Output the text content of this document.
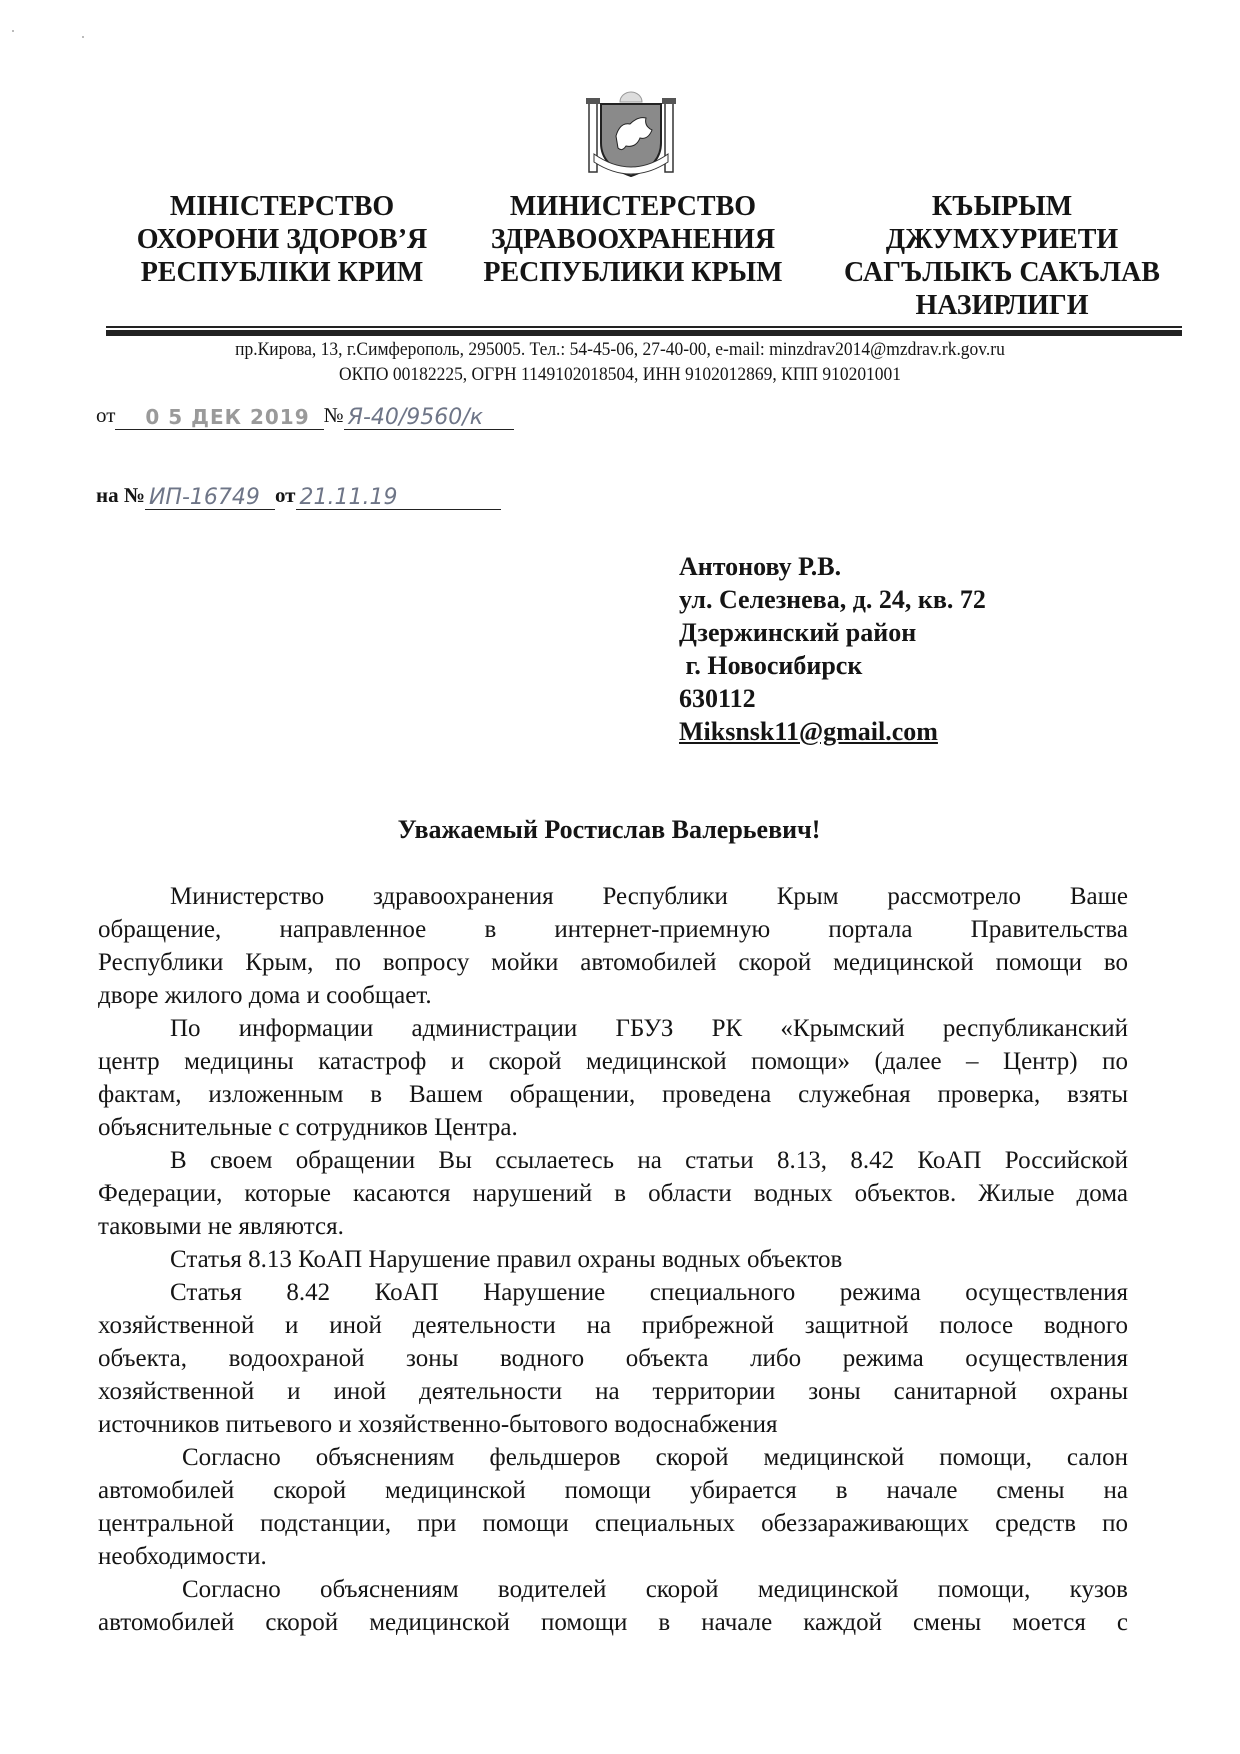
МІНІСТЕРСТВО
ОХОРОНИ ЗДОРОВ’Я
РЕСПУБЛІКИ КРИМ
МИНИСТЕРСТВО
ЗДРАВООХРАНЕНИЯ
РЕСПУБЛИКИ КРЫМ
КЪЫРЫМ
ДЖУМХУРИЕТИ
САГЪЛЫКЪ САКЪЛАВ
НАЗИРЛИГИ
пр.Кирова, 13, г.Симферополь, 295005. Тел.: 54-45-06, 27-40-00, e-mail: minzdrav2014@mzdrav.rk.gov.ru
ОКПО 00182225, ОГРН 1149102018504, ИНН 9102012869, КПП 910201001
от 0 5 ДЕК 2019 № Я-40/9560/к
на № ИП-16749 от 21.11.19
Антонову Р.В.
ул. Селезнева, д. 24, кв. 72
Дзержинский район
г. Новосибирск
630112
Miksnsk11@gmail.com
Уважаемый Ростислав Валерьевич!
Министерство здравоохранения Республики Крым рассмотрело Ваше
обращение, направленное в интернет-приемную портала Правительства
Республики Крым, по вопросу мойки автомобилей скорой медицинской помощи во
дворе жилого дома и сообщает.
По информации администрации ГБУЗ РК «Крымский республиканский
центр медицины катастроф и скорой медицинской помощи» (далее – Центр) по
фактам, изложенным в Вашем обращении, проведена служебная проверка, взяты
объяснительные с сотрудников Центра.
В своем обращении Вы ссылаетесь на статьи 8.13, 8.42 КоАП Российской
Федерации, которые касаются нарушений в области водных объектов. Жилые дома
таковыми не являются.
Статья 8.13 КоАП Нарушение правил охраны водных объектов
Статья 8.42 КоАП Нарушение специального режима осуществления
хозяйственной и иной деятельности на прибрежной защитной полосе водного
объекта, водоохраной зоны водного объекта либо режима осуществления
хозяйственной и иной деятельности на территории зоны санитарной охраны
источников питьевого и хозяйственно-бытового водоснабжения
Согласно объяснениям фельдшеров скорой медицинской помощи, салон
автомобилей скорой медицинской помощи убирается в начале смены на
центральной подстанции, при помощи специальных обеззараживающих средств по
необходимости.
Согласно объяснениям водителей скорой медицинской помощи, кузов
автомобилей скорой медицинской помощи в начале каждой смены моется с
